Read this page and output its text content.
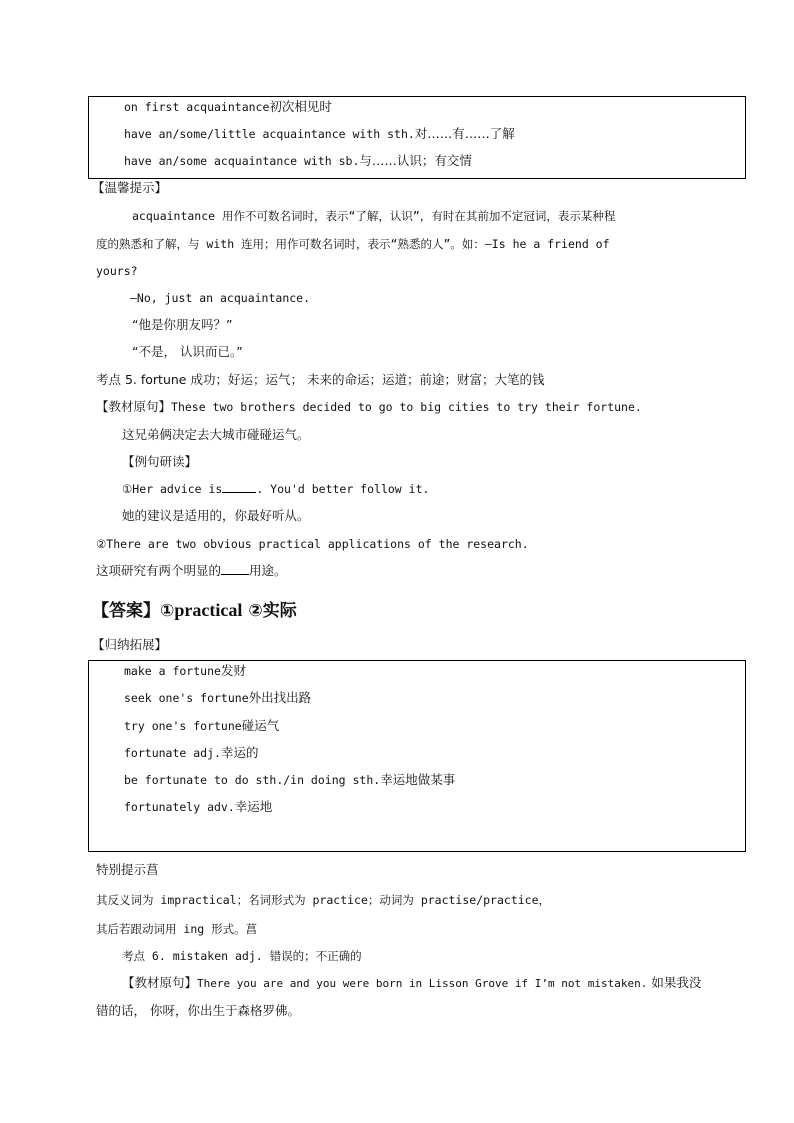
on first acquaintance初次相见时
have an/some/little acquaintance with sth.对……有……了解
have an/some acquaintance with sb.与……认识；有交情
【温馨提示】
acquaintance 用作不可数名词时，表示“了解，认识”，有时在其前加不定冠词，表示某种程
度的熟悉和了解，与 with 连用；用作可数名词时，表示“熟悉的人”。如：—Is he a friend of
yours?
—No, just an acquaintance.
“他是你朋友吗？”
“不是， 认识而已。”
考点 5. fortune 成功；好运；运气； 未来的命运；运道；前途；财富；大笔的钱
【教材原句】These two brothers decided to go to big cities to try their fortune.
这兄弟俩决定去大城市碰碰运气。
【例句研读】
①Her advice is	. You'd better follow it.
她的建议是适用的，你最好听从。
②There are two obvious practical applications of the research.
这项研究有两个明显的 用途。
【答案】①practical ②实际
【归纳拓展】
make a fortune发财
seek one's fortune外出找出路
try one's fortune碰运气
fortunate adj.幸运的
be fortunate to do sth./in doing sth.幸运地做某事
fortunately adv.幸运地
特别提示菖
其反义词为 impractical；名词形式为 practice；动词为 practise/practice，
其后若跟动词用 ing 形式。菖
考点 6. mistaken adj. 错误的；不正确的
【教材原句】There you are and you were born in Lisson Grove if I’m not mistaken. 如果我没
错的话， 你呀，你出生于森格罗佛。
